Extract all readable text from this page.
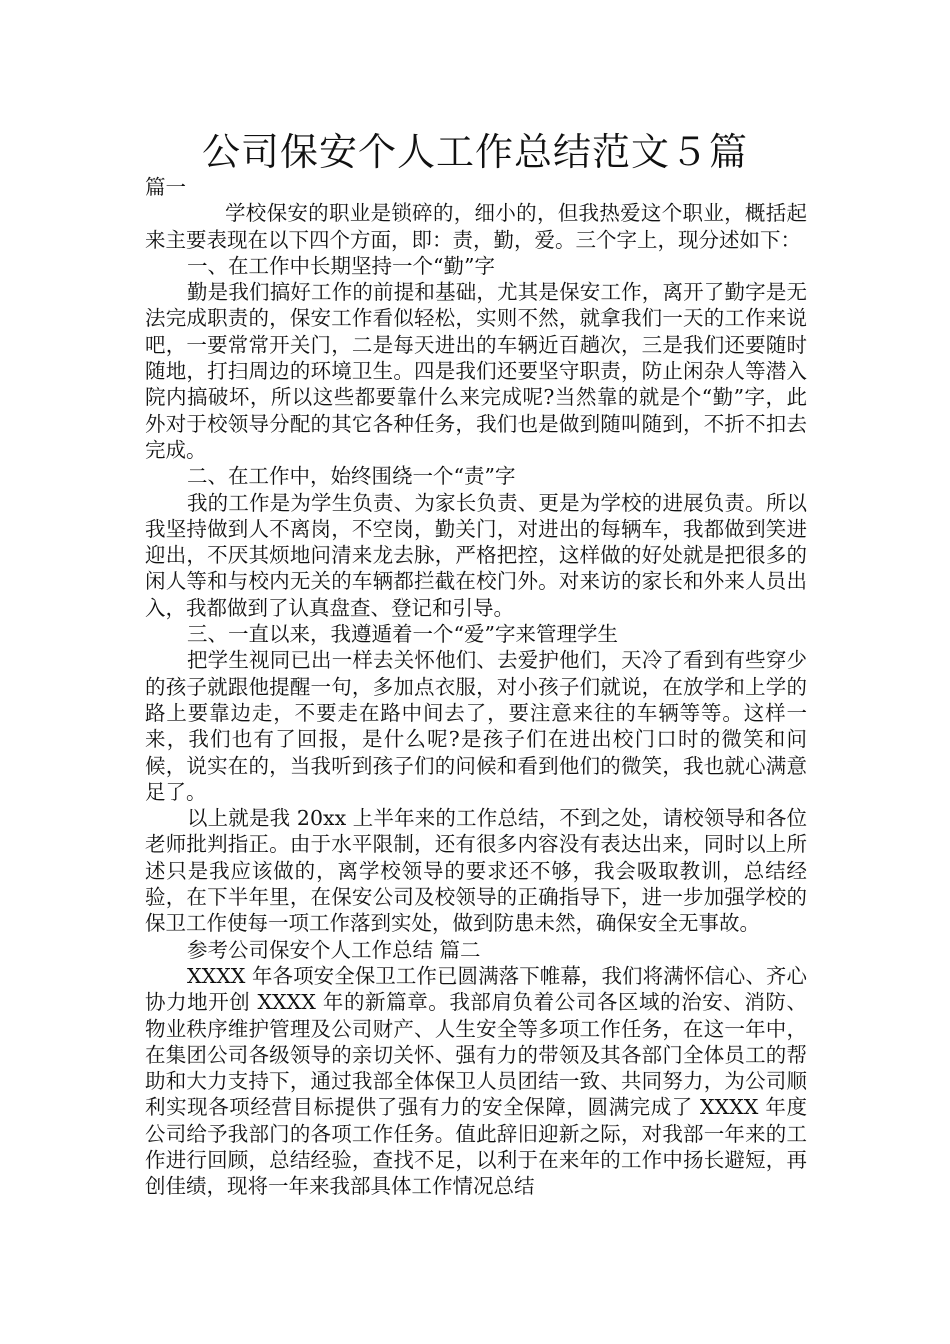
公司保安个人工作总结范文５篇

篇一

学校保安的职业是锁碎的，细小的，但我热爱这个职业，概括起来主要表现在以下四个方面，即：责，勤，爱。三个字上，现分述如下：

一、在工作中长期坚持一个“勤”字

勤是我们搞好工作的前提和基础，尤其是保安工作，离开了勤字是无法完成职责的，保安工作看似轻松，实则不然，就拿我们一天的工作来说吧，一要常常开关门，二是每天进出的车辆近百趟次，三是我们还要随时随地，打扫周边的环境卫生。四是我们还要坚守职责，防止闲杂人等潜入院内搞破坏，所以这些都要靠什么来完成呢?当然靠的就是个“勤”字，此外对于校领导分配的其它各种任务，我们也是做到随叫随到，不折不扣去完成。

二、在工作中，始终围绕一个“责”字

我的工作是为学生负责、为家长负责、更是为学校的进展负责。所以我坚持做到人不离岗，不空岗，勤关门，对进出的每辆车，我都做到笑进迎出，不厌其烦地问清来龙去脉，严格把控，这样做的好处就是把很多的闲人等和与校内无关的车辆都拦截在校门外。对来访的家长和外来人员出入，我都做到了认真盘查、登记和引导。

三、一直以来，我遵遁着一个“爱”字来管理学生

把学生视同已出一样去关怀他们、去爱护他们，天冷了看到有些穿少的孩子就跟他提醒一句，多加点衣服，对小孩子们就说，在放学和上学的路上要靠边走，不要走在路中间去了，要注意来往的车辆等等。这样一来，我们也有了回报，是什么呢?是孩子们在进出校门口时的微笑和问候，说实在的，当我听到孩子们的问候和看到他们的微笑，我也就心满意足了。

以上就是我 20xx 上半年来的工作总结，不到之处，请校领导和各位老师批判指正。由于水平限制，还有很多内容没有表达出来，同时以上所述只是我应该做的，离学校领导的要求还不够，我会吸取教训，总结经验，在下半年里，在保安公司及校领导的正确指导下，进一步加强学校的保卫工作使每一项工作落到实处，做到防患未然，确保安全无事故。

参考公司保安个人工作总结 篇二

XXXX 年各项安全保卫工作已圆满落下帷幕，我们将满怀信心、齐心协力地开创 XXXX 年的新篇章。我部肩负着公司各区域的治安、消防、物业秩序维护管理及公司财产、人生安全等多项工作任务，在这一年中，在集团公司各级领导的亲切关怀、强有力的带领及其各部门全体员工的帮助和大力支持下，通过我部全体保卫人员团结一致、共同努力，为公司顺利实现各项经营目标提供了强有力的安全保障，圆满完成了 XXXX 年度公司给予我部门的各项工作任务。值此辞旧迎新之际，对我部一年来的工作进行回顾，总结经验，查找不足，以利于在来年的工作中扬长避短，再创佳绩，现将一年来我部具体工作情况总结
